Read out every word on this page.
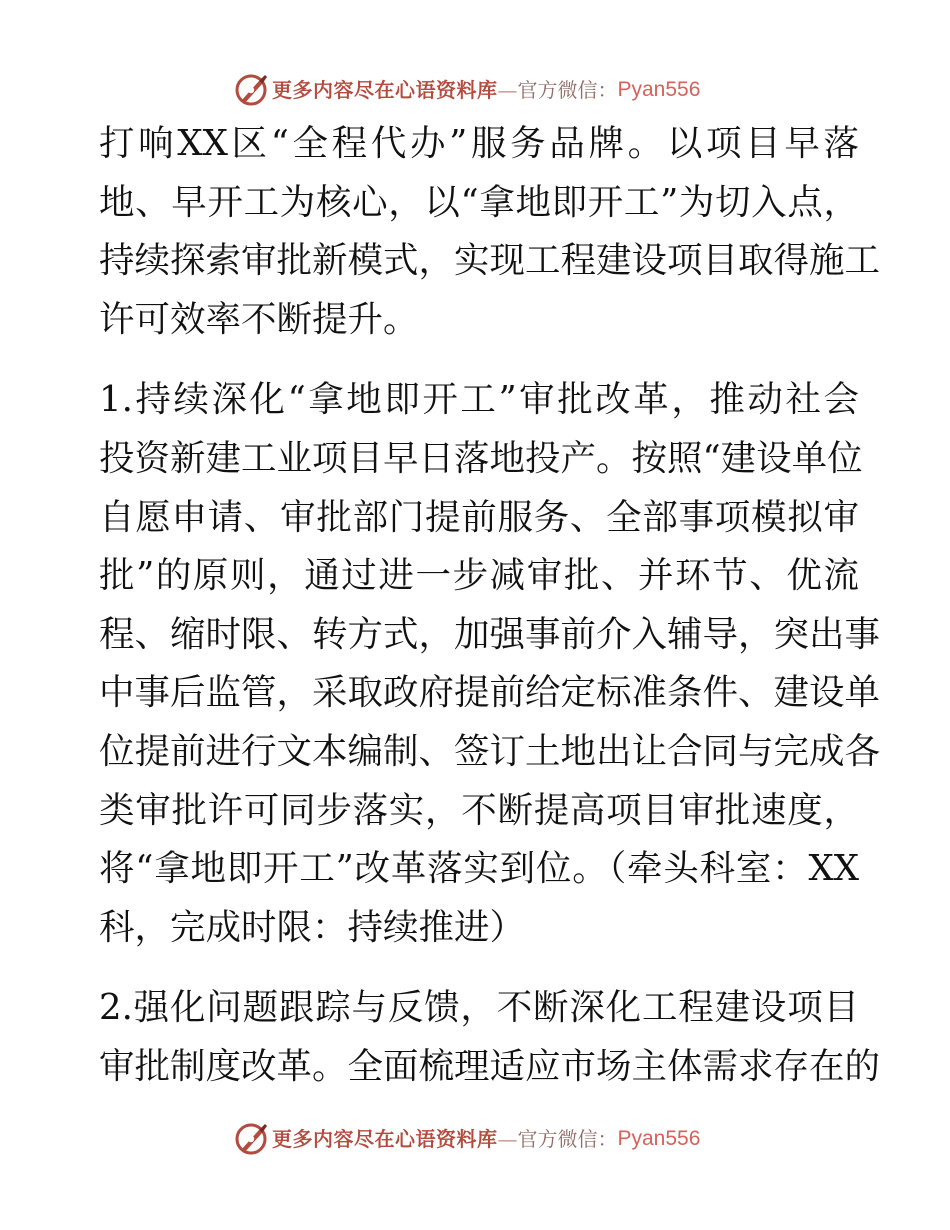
更多内容尽在心语资料库 — 官方微信： Pyan556
打响XX区“全程代办”服务品牌。以项目早落
地、早开工为核心，以“拿地即开工”为切入点，
持续探索审批新模式，实现工程建设项目取得施工
许可效率不断提升。
1.持续深化“拿地即开工”审批改革，推动社会
投资新建工业项目早日落地投产。按照“建设单位
自愿申请、审批部门提前服务、全部事项模拟审
批”的原则，通过进一步减审批、并环节、优流
程、缩时限、转方式，加强事前介入辅导，突出事
中事后监管，采取政府提前给定标准条件、建设单
位提前进行文本编制、签订土地出让合同与完成各
类审批许可同步落实，不断提高项目审批速度，
将“拿地即开工”改革落实到位。（牵头科室：XX
科，完成时限：持续推进）
2.强化问题跟踪与反馈，不断深化工程建设项目
审批制度改革。全面梳理适应市场主体需求存在的
更多内容尽在心语资料库 — 官方微信： Pyan556
